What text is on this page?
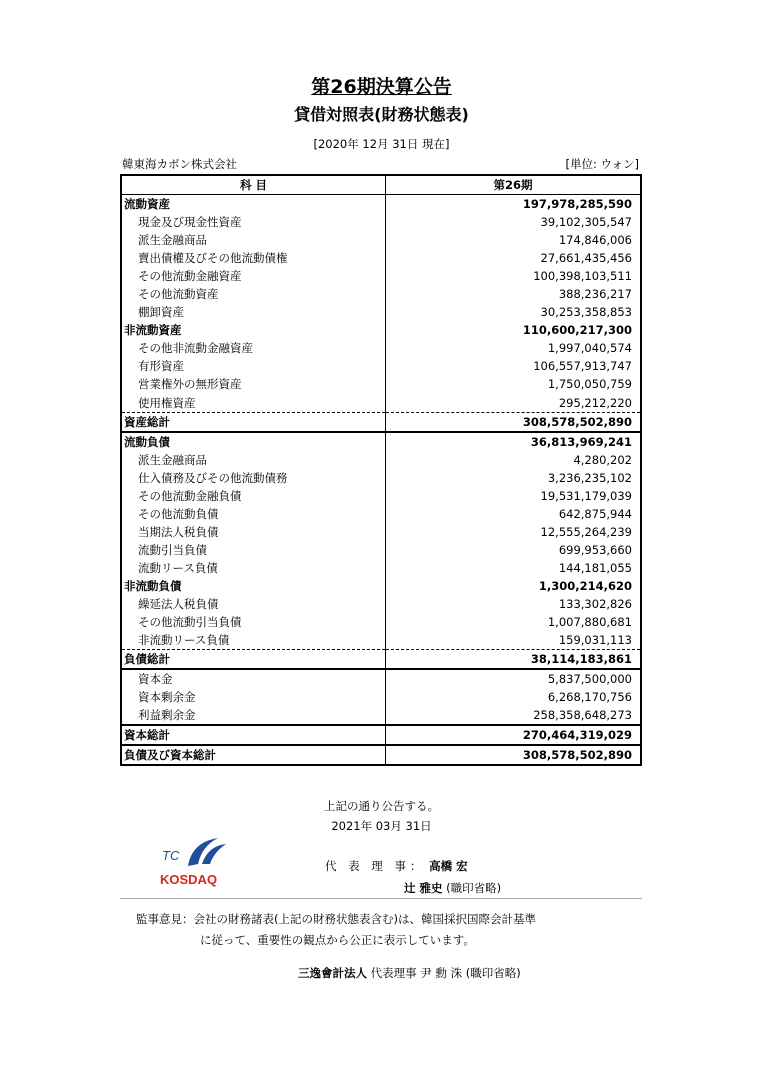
第26期決算公告
貸借対照表(財務状態表)
[2020年 12月 31日 現在]
韓東海カボン株式会社	[単位: ウォン]
科 目	第26期
流動資産	197,978,285,590
現金及び現金性資産	39,102,305,547
派生金融商品	174,846,006
賣出債權及びその他流動債権	27,661,435,456
その他流動金融資産	100,398,103,511
その他流動資産	388,236,217
棚卸資産	30,253,358,853
非流動資産	110,600,217,300
その他非流動金融資産	1,997,040,574
有形資産	106,557,913,747
営業権外の無形資産	1,750,050,759
使用権資産	295,212,220
資産総計	308,578,502,890
流動負債	36,813,969,241
派生金融商品	4,280,202
仕入債務及びその他流動債務	3,236,235,102
その他流動金融負債	19,531,179,039
その他流動負債	642,875,944
当期法人税負債	12,555,264,239
流動引当負債	699,953,660
流動リース負債	144,181,055
非流動負債	1,300,214,620
繰延法人税負債	133,302,826
その他流動引当負債	1,007,880,681
非流動リース負債	159,031,113
負債総計	38,114,183,861
資本金	5,837,500,000
資本剰余金	6,268,170,756
利益剰余金	258,358,648,273
資本総計	270,464,319,029
負債及び資本総計	308,578,502,890
上記の通り公告する。
2021年 03月 31日
TC
KOSDAQ
代 表 理 事： 高橋 宏
辻 雅史 (職印省略)
監事意見：会社の財務諸表(上記の財務状態表含む)は、韓国採択国際会計基準
に従って、重要性の観点から公正に表示しています。
三逸會計法人 代表理事 尹 勳 洙 (職印省略)
